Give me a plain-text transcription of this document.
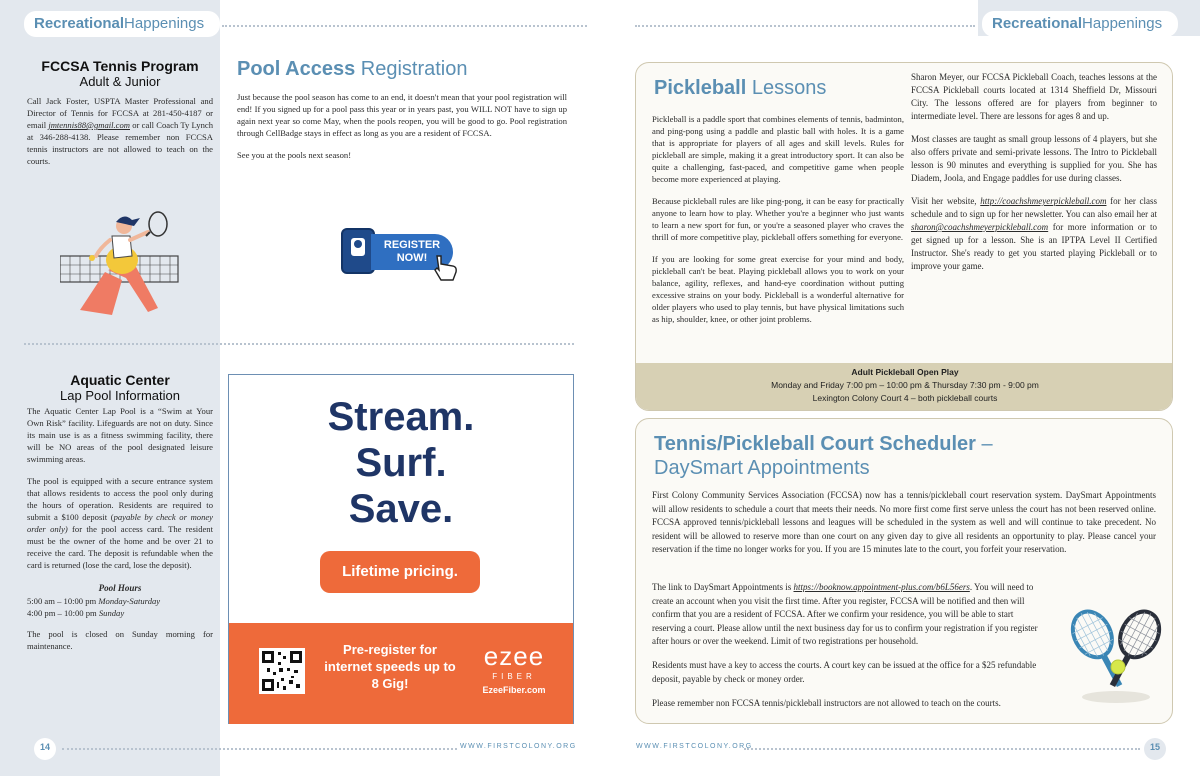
RecreationalHappenings
FCCSA Tennis Program
Adult & Junior

Call Jack Foster, USPTA Master Professional and Director of Tennis for FCCSA at 281-450-4187 or email jmtennis88@gmail.com or call Coach Ty Lynch at 346-288-4138. Please remember non FCCSA tennis instructors are not allowed to teach on the courts.

Aquatic Center
Lap Pool Information

The Aquatic Center Lap Pool is a “Swim at Your Own Risk” facility. Lifeguards are not on duty. Since its main use is as a fitness swimming facility, there will be NO areas of the pool designated leisure swimming areas.

The pool is equipped with a secure entrance system that allows residents to access the pool only during the hours of operation. Residents are required to submit a $100 deposit (payable by check or money order only) for the pool access card. The resident must be the owner of the home and be over 21 to receive the card. The deposit is refundable when the card is returned (lose the card, lose the deposit).

Pool Hours

5:00 am – 10:00 pm Monday-Saturday

4:00 pm – 10:00 pm Sunday

The pool is closed on Sunday morning for maintenance.

Pool Access Registration

Just because the pool season has come to an end, it doesn't mean that your pool registration will end! If you signed up for a pool pass this year or in years past, you WILL NOT have to sign up again next year so come May, when the pools reopen, you will be good to go. Pool registration through CellBadge stays in effect as long as you are a resident of FCCSA.

See you at the pools next season!

REGISTER NOW!
Stream.
Surf.
Save.
Lifetime pricing.
Pre-register for internet speeds up to 8 Gig!
ezee
FIBER
EzeeFiber.com
14	WWW.FIRSTCOLONY.ORG
RecreationalHappenings
Pickleball Lessons

Pickleball is a paddle sport that combines elements of tennis, badminton, and ping-pong using a paddle and plastic ball with holes. It is a game that is appropriate for players of all ages and skill levels. Rules for pickleball are simple, making it a great introductory sport. It can also be quite a challenging, fast-paced, and competitive game when people become more experienced at playing.

Because pickleball rules are like ping-pong, it can be easy for practically anyone to learn how to play. Whether you're a beginner who just wants to learn a new sport for fun, or you're a seasoned player who craves the thrill of more competitive play, pickleball offers something for everyone.

If you are looking for some great exercise for your mind and body, pickleball can't be beat. Playing pickleball allows you to work on your balance, agility, reflexes, and hand-eye coordination without putting excessive strains on your body. Pickleball is a wonderful alternative for older players who used to play tennis, but have physical limitations such as hip, shoulder, knee, or other joint problems.

Sharon Meyer, our FCCSA Pickleball Coach, teaches lessons at the FCCSA Pickleball courts located at 1314 Sheffield Dr, Missouri City. The lessons offered are for players from beginner to intermediate level. There are lessons for ages 8 and up.

Most classes are taught as small group lessons of 4 players, but she also offers private and semi-private lessons. The Intro to Pickleball lesson is 90 minutes and everything is supplied for you. She has Diadem, Joola, and Engage paddles for use during classes.

Visit her website, http://coachshmeyerpickleball.com for her class schedule and to sign up for her newsletter. You can also email her at sharon@coachshmeyerpickleball.com for more information or to get signed up for a lesson. She is an IPTPA Level II Certified Instructor. She's ready to get you started playing Pickleball or to improve your game.

Adult Pickleball Open Play
Monday and Friday 7:00 pm – 10:00 pm & Thursday 7:30 pm - 9:00 pm
Lexington Colony Court 4 – both pickleball courts
Tennis/Pickleball Court Scheduler –
DaySmart Appointments

First Colony Community Services Association (FCCSA) now has a tennis/pickleball court reservation system. DaySmart Appointments will allow residents to schedule a court that meets their needs. No more first come first serve unless the court has not been reserved online. FCCSA approved tennis/pickleball lessons and leagues will be scheduled in the system as well and will continue to take precedent. No resident will be allowed to reserve more than one court on any given day to give all residents an opportunity to play. Please cancel your reservation if the time no longer works for you. If you are 15 minutes late to the court, you forfeit your reservation.

The link to DaySmart Appointments is https://booknow.appointment-plus.com/b6L56ers. You will need to create an account when you visit the first time. After you register, FCCSA will be notified and then will confirm that you are a resident of FCCSA. After we confirm your residence, you will be able to start reserving a court. Please allow until the next business day for us to confirm your registration if you register after hours or over the weekend. Limit of two registrations per household.

Residents must have a key to access the courts. A court key can be issued at the office for a $25 refundable deposit, payable by check or money order.

Please remember non FCCSA tennis/pickleball instructors are not allowed to teach on the courts.

WWW.FIRSTCOLONY.ORG	15
